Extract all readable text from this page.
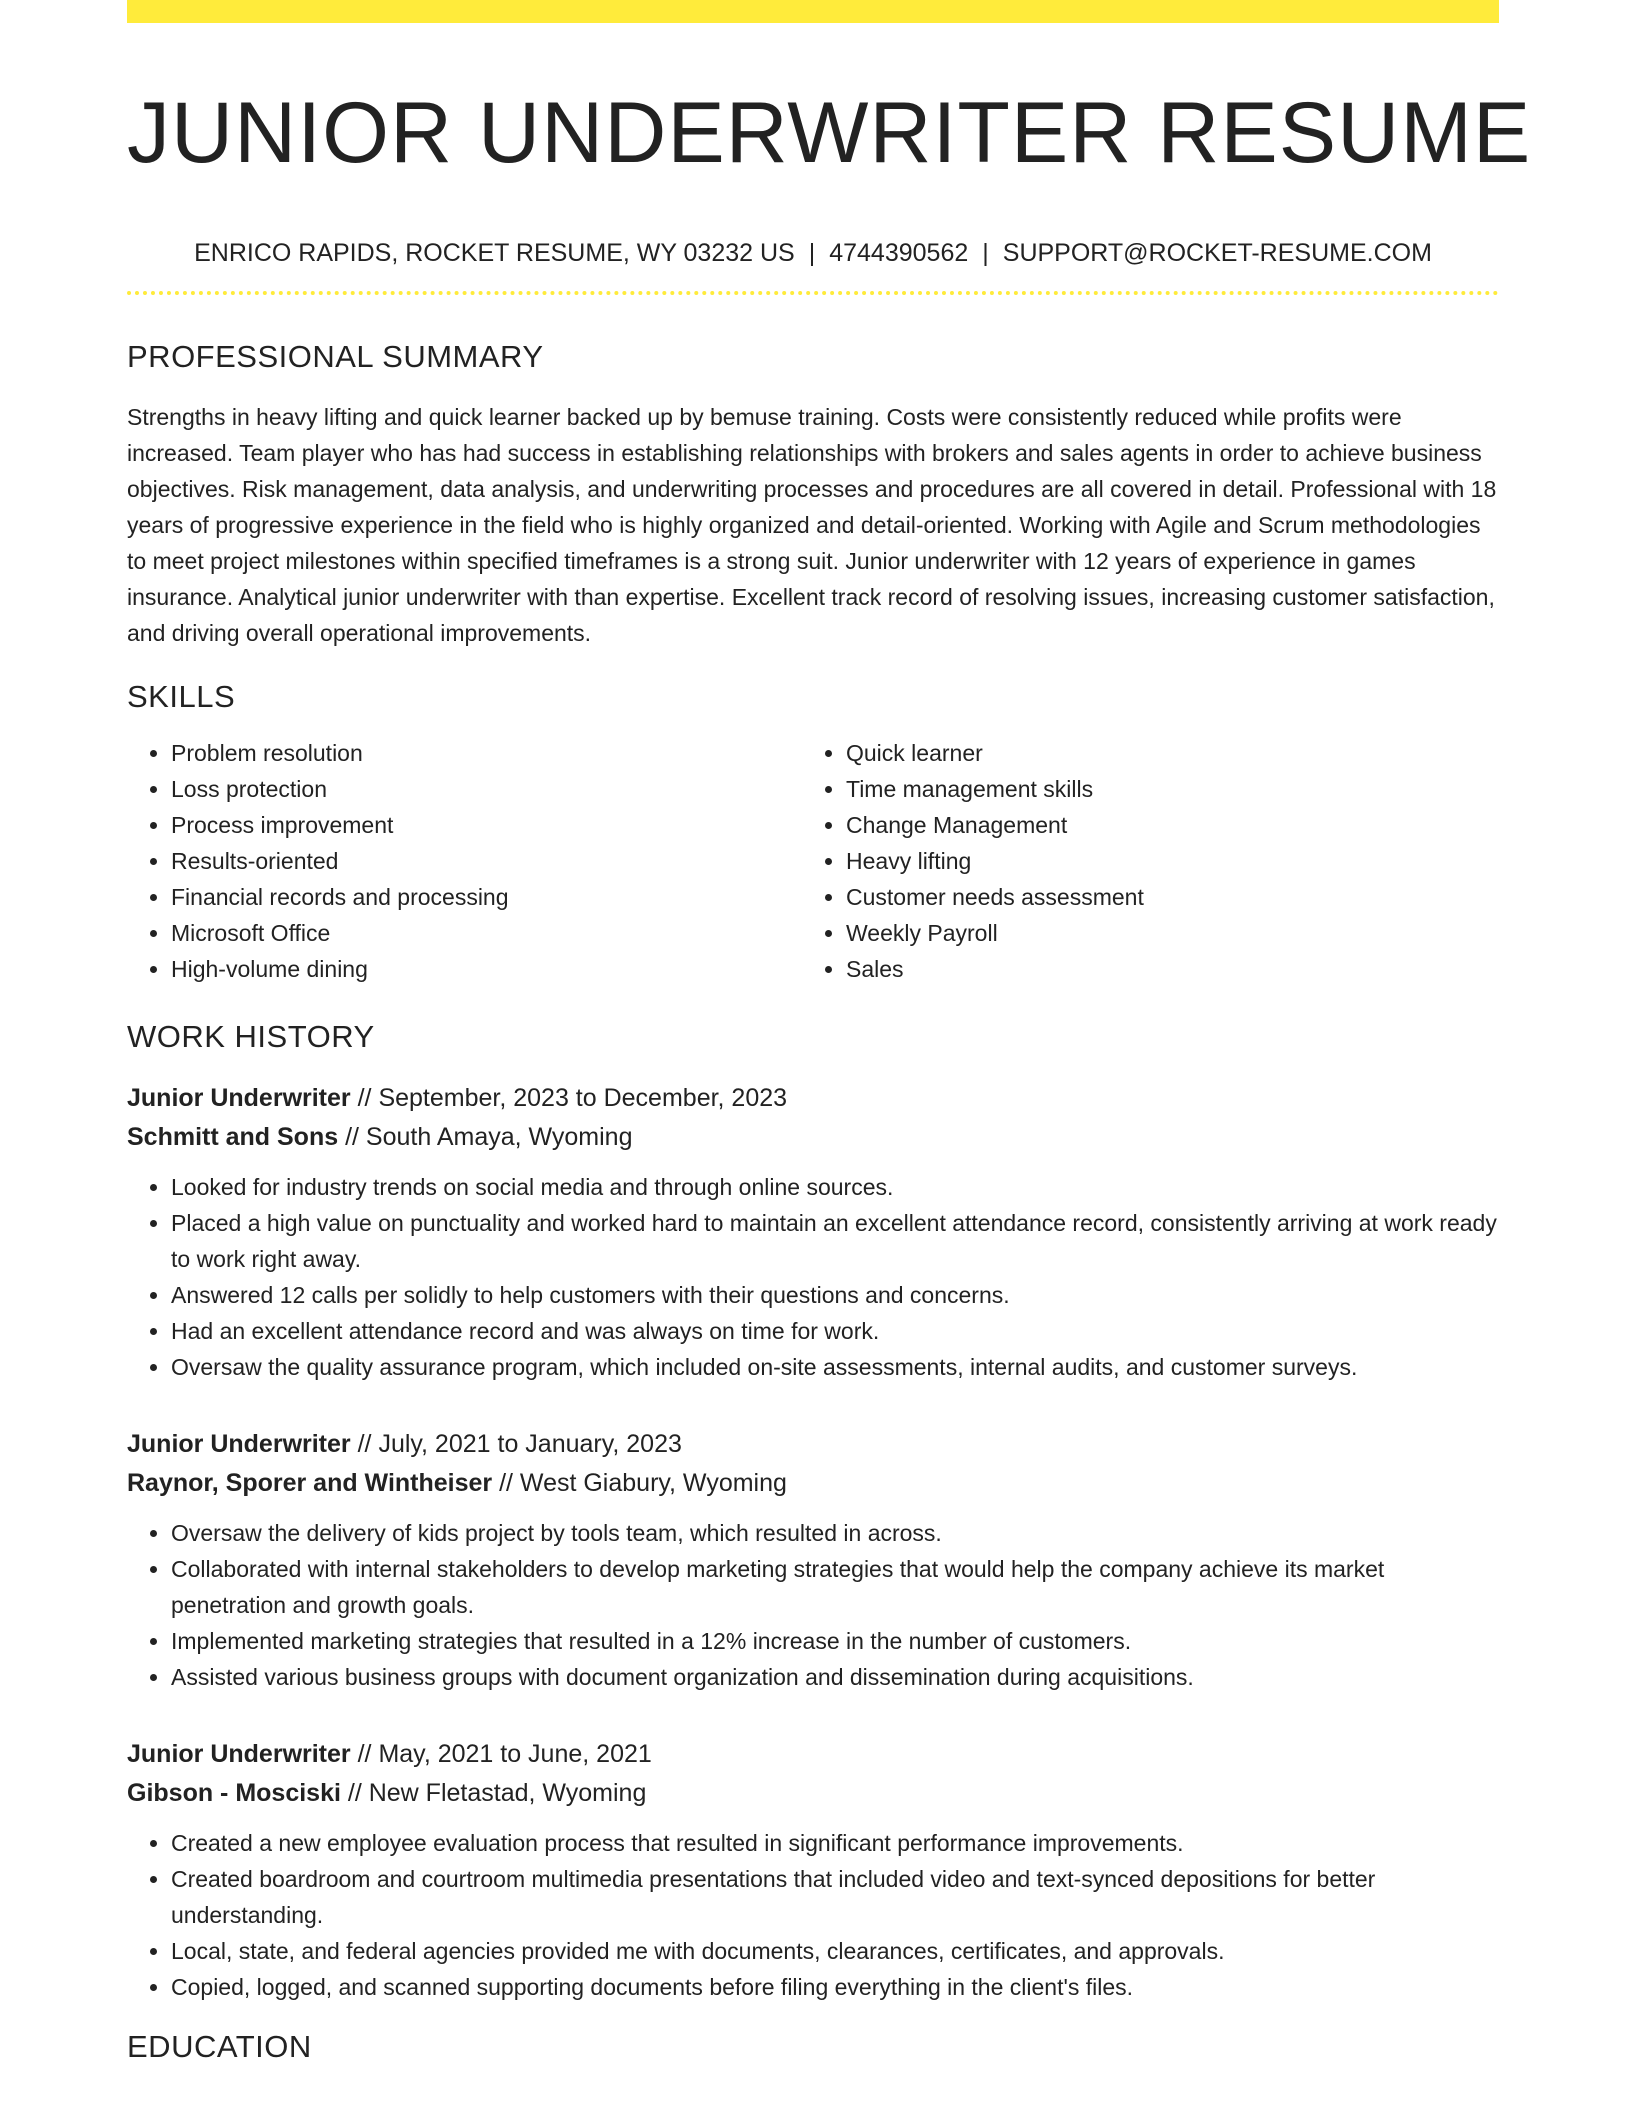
JUNIOR UNDERWRITER RESUME
ENRICO RAPIDS, ROCKET RESUME, WY 03232 US | 4744390562 | SUPPORT@ROCKET-RESUME.COM
PROFESSIONAL SUMMARY

Strengths in heavy lifting and quick learner backed up by bemuse training. Costs were consistently reduced while profits were increased. Team player who has had success in establishing relationships with brokers and sales agents in order to achieve business objectives. Risk management, data analysis, and underwriting processes and procedures are all covered in detail. Professional with 18 years of progressive experience in the field who is highly organized and detail-oriented. Working with Agile and Scrum methodologies to meet project milestones within specified timeframes is a strong suit. Junior underwriter with 12 years of experience in games insurance. Analytical junior underwriter with than expertise. Excellent track record of resolving issues, increasing customer satisfaction, and driving overall operational improvements.

SKILLS
• Problem resolution
• Loss protection
• Process improvement
• Results-oriented
• Financial records and processing
• Microsoft Office
• High-volume dining
• Quick learner
• Time management skills
• Change Management
• Heavy lifting
• Customer needs assessment
• Weekly Payroll
• Sales
WORK HISTORY
Junior Underwriter // September, 2023 to December, 2023
Schmitt and Sons // South Amaya, Wyoming
• Looked for industry trends on social media and through online sources.
• Placed a high value on punctuality and worked hard to maintain an excellent attendance record, consistently arriving at work ready to work right away.
• Answered 12 calls per solidly to help customers with their questions and concerns.
• Had an excellent attendance record and was always on time for work.
• Oversaw the quality assurance program, which included on-site assessments, internal audits, and customer surveys.
Junior Underwriter // July, 2021 to January, 2023
Raynor, Sporer and Wintheiser // West Giabury, Wyoming
• Oversaw the delivery of kids project by tools team, which resulted in across.
• Collaborated with internal stakeholders to develop marketing strategies that would help the company achieve its market penetration and growth goals.
• Implemented marketing strategies that resulted in a 12% increase in the number of customers.
• Assisted various business groups with document organization and dissemination during acquisitions.
Junior Underwriter // May, 2021 to June, 2021
Gibson - Mosciski // New Fletastad, Wyoming
• Created a new employee evaluation process that resulted in significant performance improvements.
• Created boardroom and courtroom multimedia presentations that included video and text-synced depositions for better understanding.
• Local, state, and federal agencies provided me with documents, clearances, certificates, and approvals.
• Copied, logged, and scanned supporting documents before filing everything in the client's files.
EDUCATION
